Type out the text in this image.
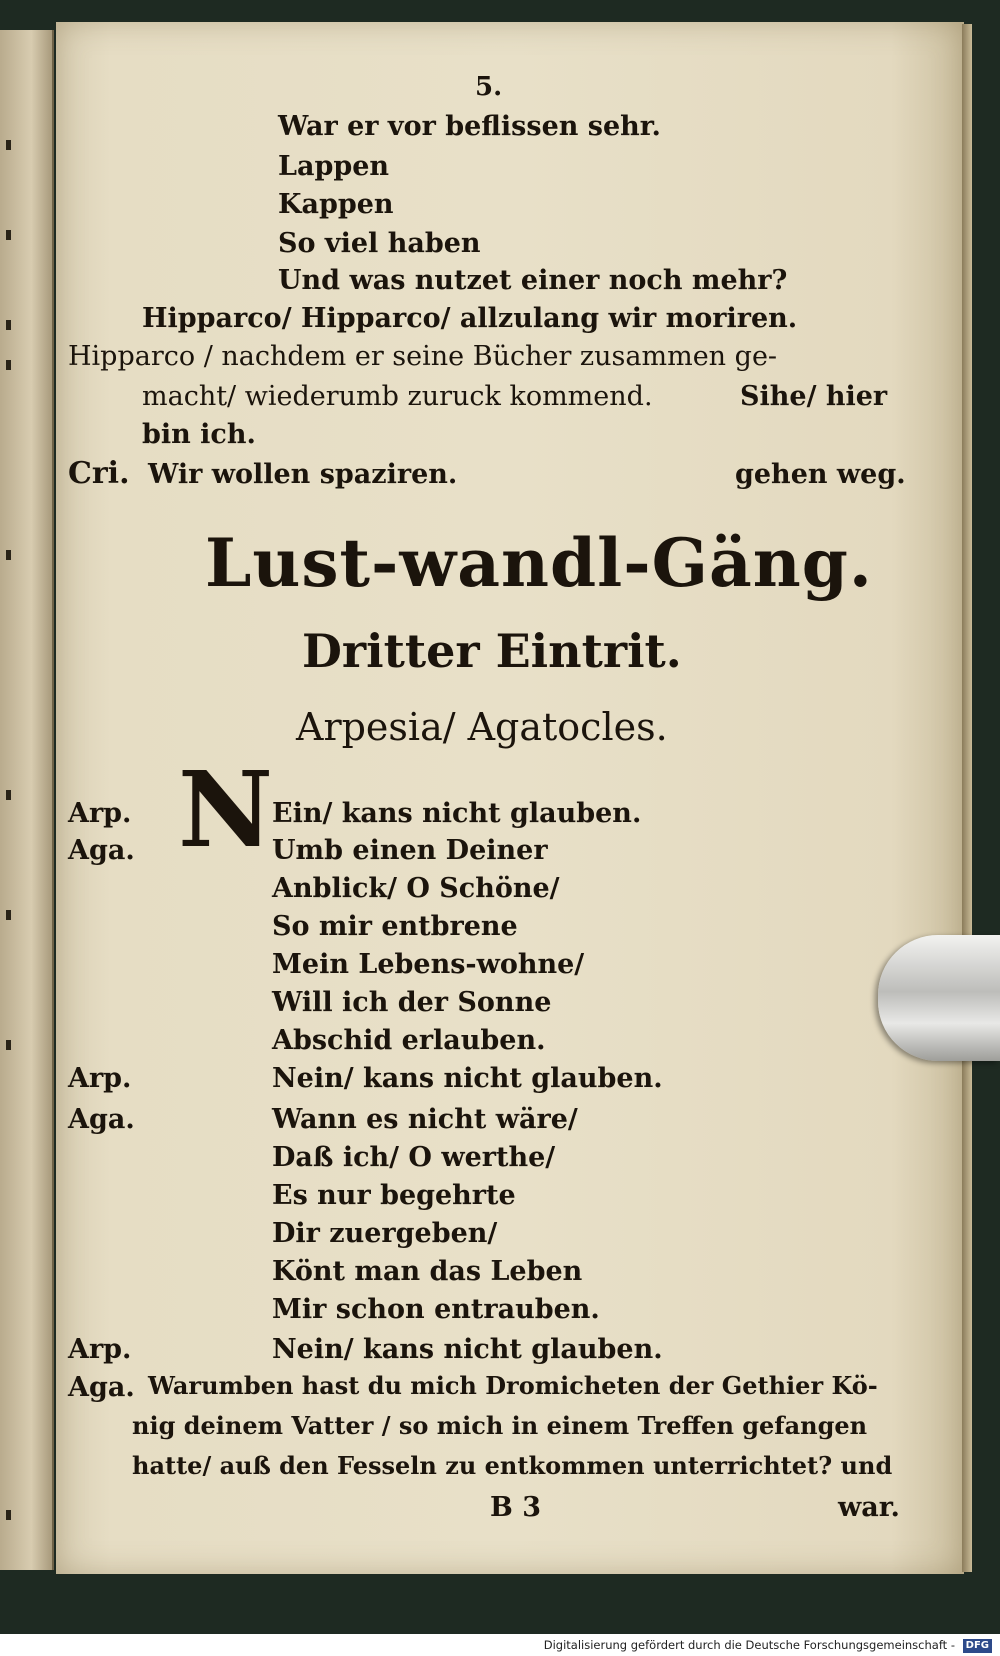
5.
War er vor beflissen sehr.
Lappen
Kappen
So viel haben
Und was nutzet einer noch mehr?
Hipparco/ Hipparco/ allzulang wir moriren.
Hipparco / nachdem er seine Bücher zusammen ge-
macht/ wiederumb zuruck kommend.	Sihe/ hier
bin ich.
Cri. Wir wollen spaziren.	gehen weg.
Lust-wandl-Gäng.
Dritter Eintrit.
Arpesia/ Agatocles.
N
Arp.	Ein/ kans nicht glauben.
Aga.	Umb einen Deiner
Anblick/ O Schöne/
So mir entbrene
Mein Lebens-wohne/
Will ich der Sonne
Abschid erlauben.
Arp.	Nein/ kans nicht glauben.
Aga.	Wann es nicht wäre/
Daß ich/ O werthe/
Es nur begehrte
Dir zuergeben/
Könt man das Leben
Mir schon entrauben.
Arp.	Nein/ kans nicht glauben.
Aga. Warumben hast du mich Dromicheten der Gethier Kö-
nig deinem Vatter / so mich in einem Treffen gefangen
hatte/ auß den Fesseln zu entkommen unterrichtet? und
B 3	war.
Digitalisierung gefördert durch die Deutsche Forschungsgemeinschaft - DFG
